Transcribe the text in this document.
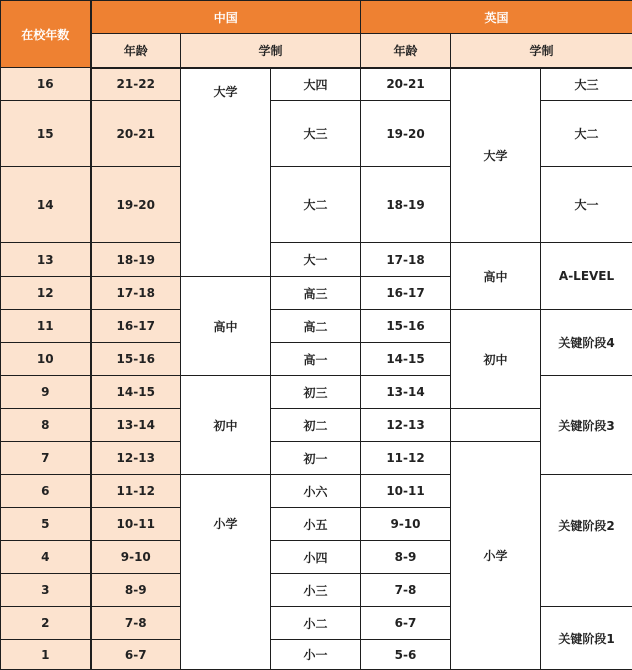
在校年数	中国			英国		
	年龄	学制		年龄	学制	
16	21-22	大学	大四	20-21	大学	大三
15	20-21		大三	19-20		大二
14	19-20		大二	18-19		大一
13	18-19		大一	17-18	高中	A-LEVEL
12	17-18	高中	高三	16-17		
11	16-17		高二	15-16	初中	关键阶段4
10	15-16		高一	14-15		
9	14-15	初中	初三	13-14		关键阶段3
8	13-14		初二	12-13		
7	12-13		初一	11-12	小学	
6	11-12	小学	小六	10-11		关键阶段2
5	10-11		小五	9-10		
4	9-10		小四	8-9		
3	8-9		小三	7-8		
2	7-8		小二	6-7		关键阶段1
1	6-7		小一	5-6		
